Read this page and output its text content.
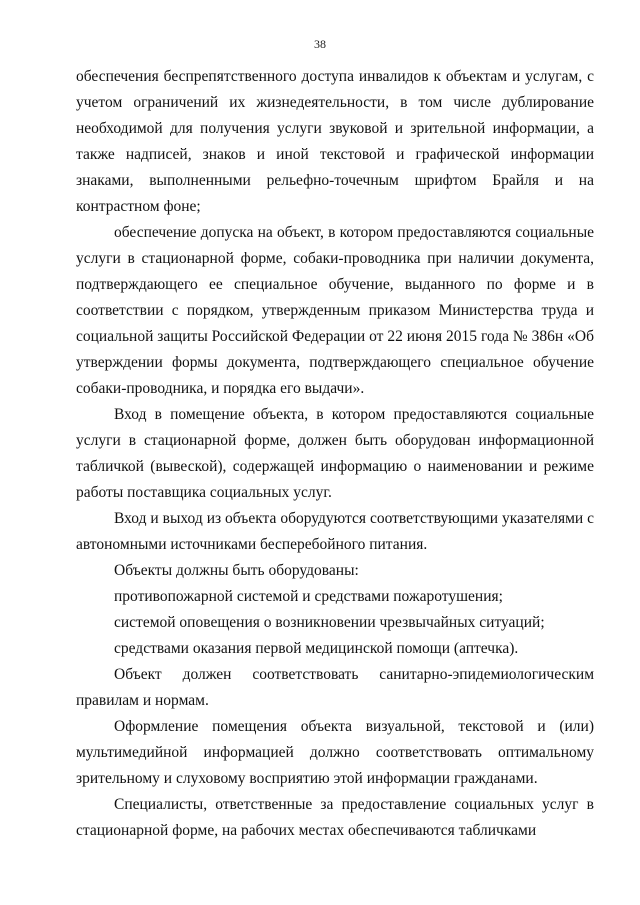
38

обеспечения беспрепятственного доступа инвалидов к объектам и услугам, с учетом ограничений их жизнедеятельности, в том числе дублирование необходимой для получения услуги звуковой и зрительной информации, а также надписей, знаков и иной текстовой и графической информации знаками, выполненными рельефно-точечным шрифтом Брайля и на контрастном фоне;

обеспечение допуска на объект, в котором предоставляются социальные услуги в стационарной форме, собаки-проводника при наличии документа, подтверждающего ее специальное обучение, выданного по форме и в соответствии с порядком, утвержденным приказом Министерства труда и социальной защиты Российской Федерации от 22 июня 2015 года № 386н «Об утверждении формы документа, подтверждающего специальное обучение собаки-проводника, и порядка его выдачи».

Вход в помещение объекта, в котором предоставляются социальные услуги в стационарной форме, должен быть оборудован информационной табличкой (вывеской), содержащей информацию о наименовании и режиме работы поставщика социальных услуг.

Вход и выход из объекта оборудуются соответствующими указателями с автономными источниками бесперебойного питания.

Объекты должны быть оборудованы:

противопожарной системой и средствами пожаротушения;

системой оповещения о возникновении чрезвычайных ситуаций;

средствами оказания первой медицинской помощи (аптечка).

Объект должен соответствовать санитарно-эпидемиологическим правилам и нормам.

Оформление помещения объекта визуальной, текстовой и (или) мультимедийной информацией должно соответствовать оптимальному зрительному и слуховому восприятию этой информации гражданами.

Специалисты, ответственные за предоставление социальных услуг в стационарной форме, на рабочих местах обеспечиваются табличками
